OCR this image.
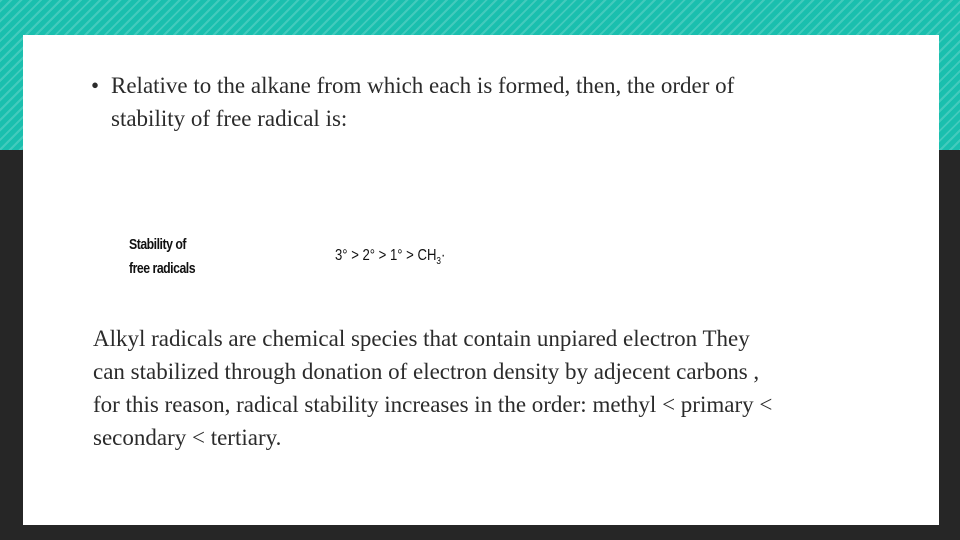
• Relative to the alkane from which each is formed, then, the order of
stability of free radical is:
Stability of
free radicals
$3^\circ > 2^\circ > 1^\circ > CH_3\cdot$
Alkyl radicals are chemical species that contain unpiared electron They
can stabilized through donation of electron density by adjecent carbons ,
for this reason, radical stability increases in the order: methyl < primary <
secondary < tertiary.
